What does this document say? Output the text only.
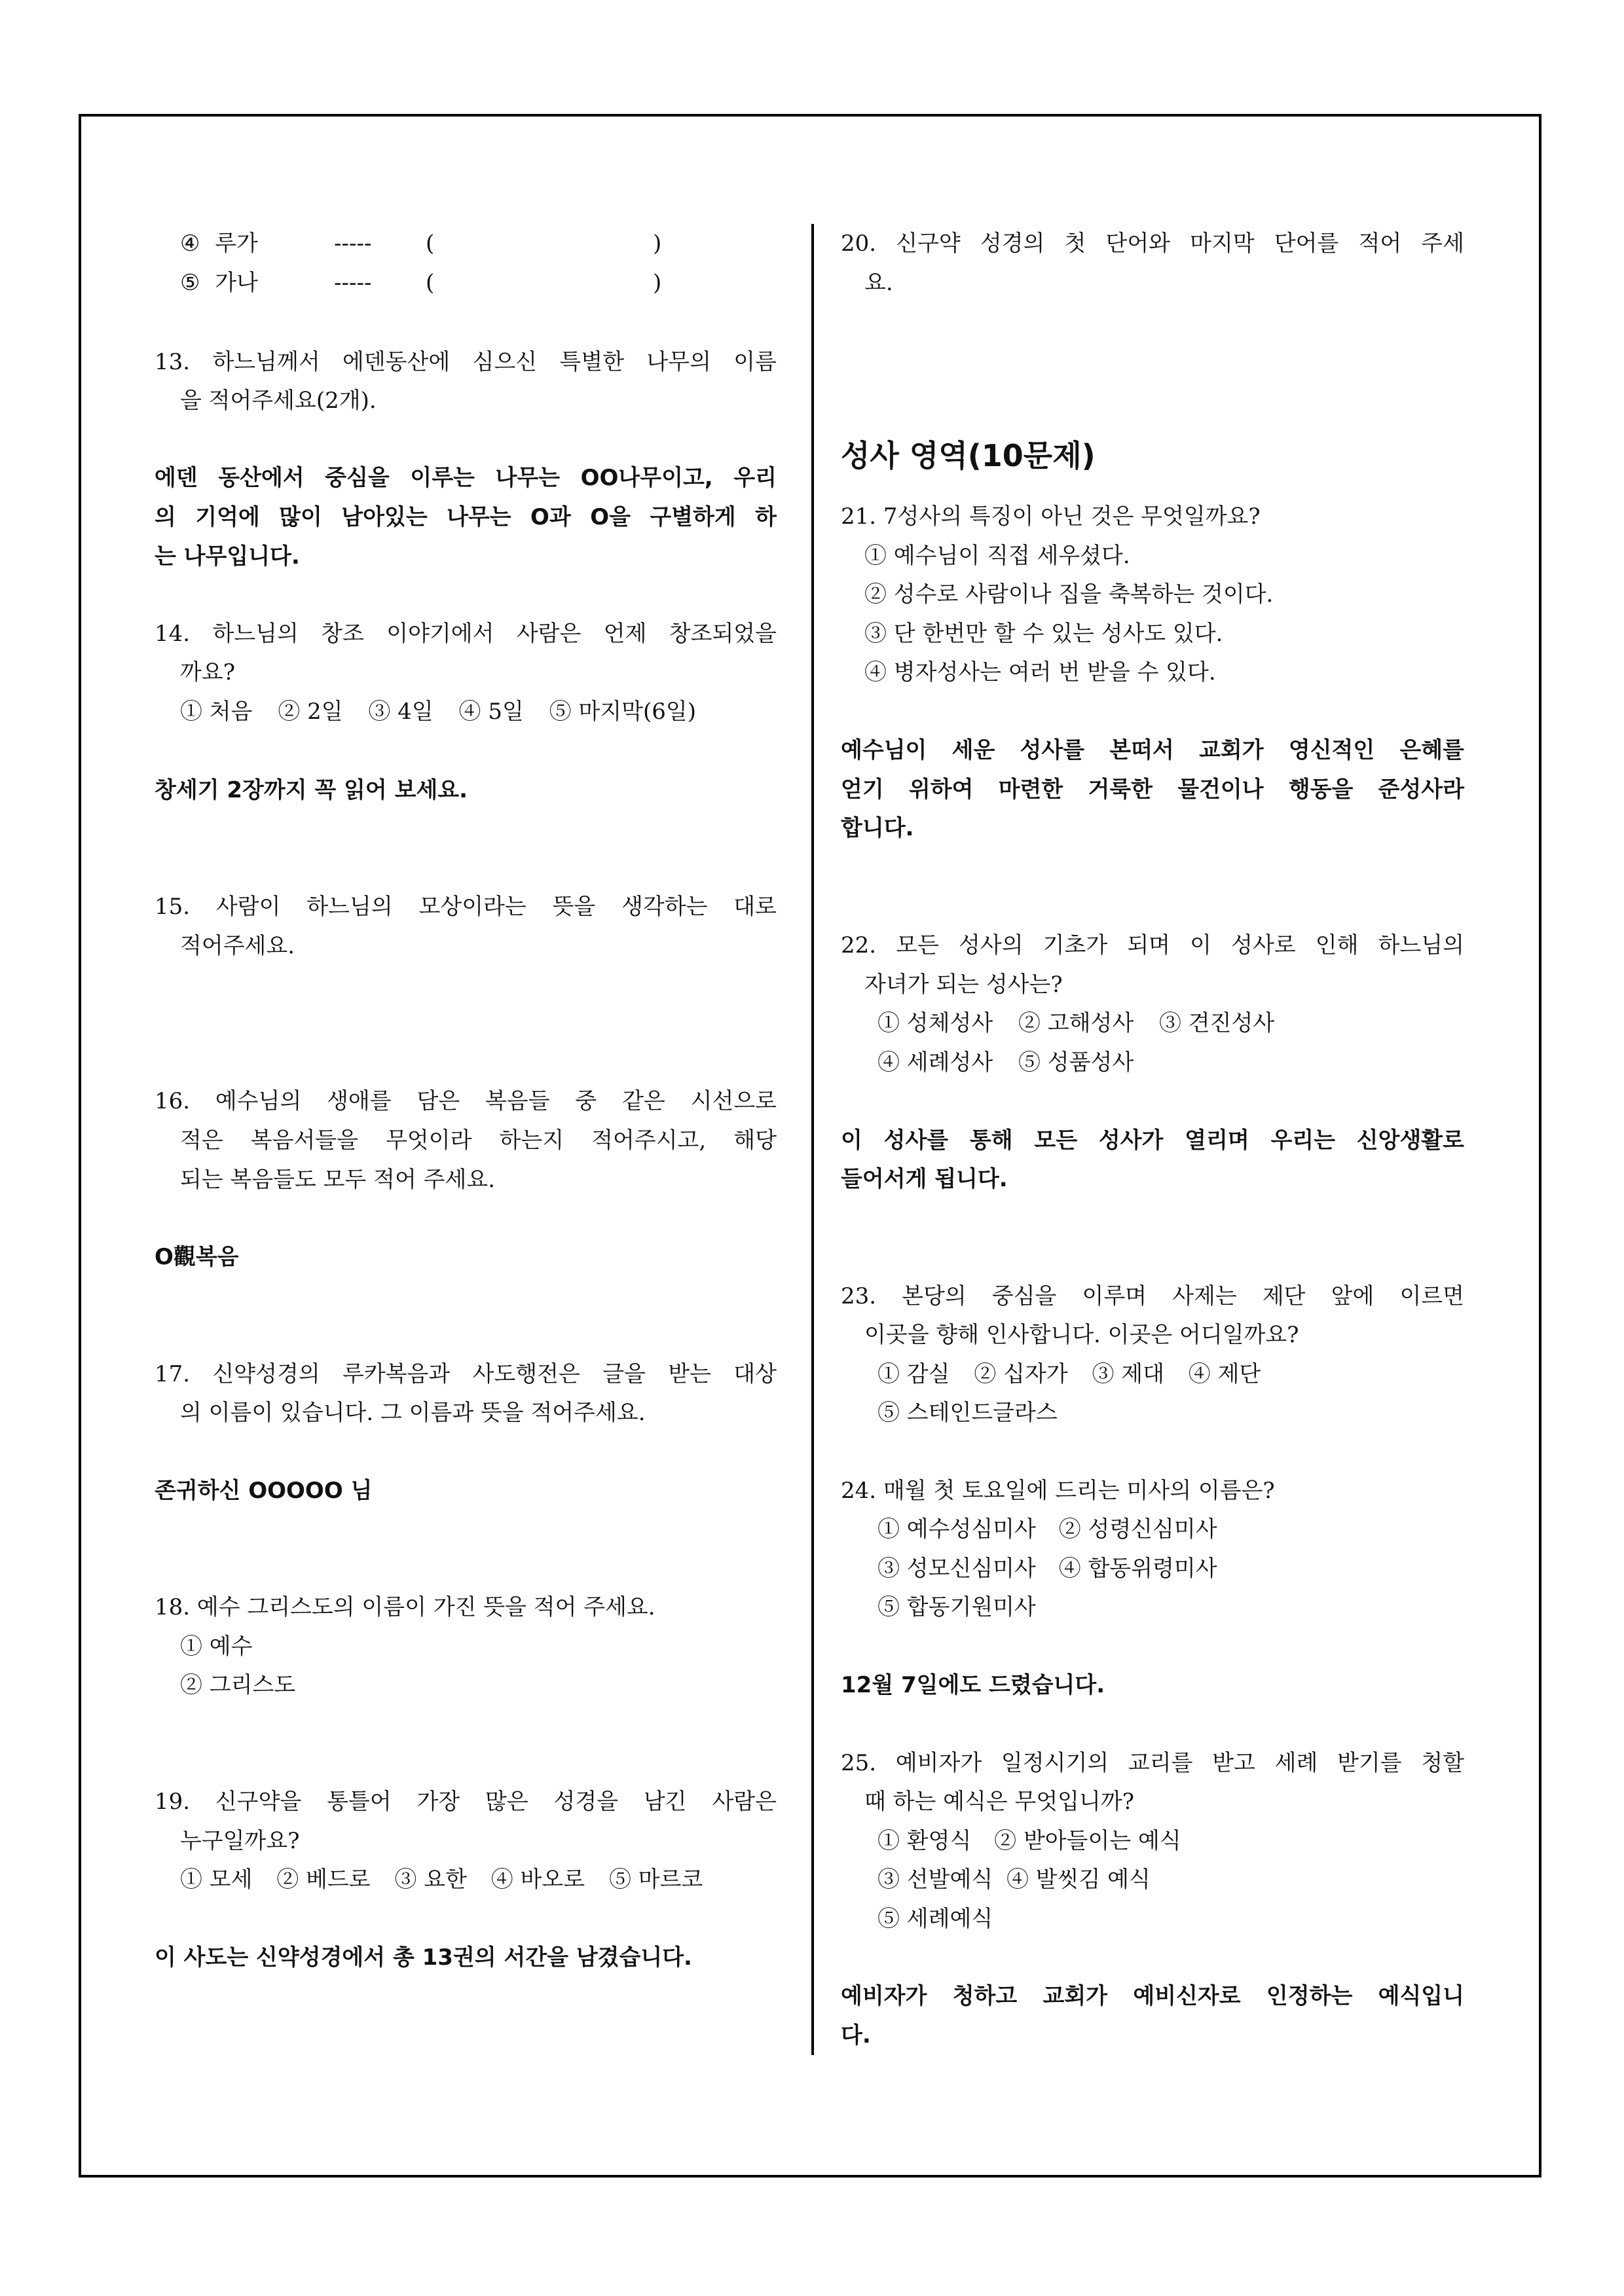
④ 루가	----- (	)
⑤ 가나	----- (	)
13. 하느님께서 에덴동산에 심으신 특별한 나무의 이름
을 적어주세요(2개).
에덴 동산에서 중심을 이루는 나무는 OO나무이고, 우리
의 기억에 많이 남아있는 나무는 O과 O을 구별하게 하
는 나무입니다.
14. 하느님의 창조 이야기에서 사람은 언제 창조되었을
까요?
① 처음 ② 2일 ③ 4일 ④ 5일 ⑤ 마지막(6일)
창세기 2장까지 꼭 읽어 보세요.
15. 사람이 하느님의 모상이라는 뜻을 생각하는 대로
적어주세요.
16. 예수님의 생애를 담은 복음들 중 같은 시선으로
적은 복음서들을 무엇이라 하는지 적어주시고, 해당
되는 복음들도 모두 적어 주세요.
O觀복음
17. 신약성경의 루카복음과 사도행전은 글을 받는 대상
의 이름이 있습니다. 그 이름과 뜻을 적어주세요.
존귀하신 OOOOO 님
18. 예수 그리스도의 이름이 가진 뜻을 적어 주세요.
① 예수
② 그리스도
19. 신구약을 통틀어 가장 많은 성경을 남긴 사람은
누구일까요?
① 모세 ② 베드로 ③ 요한 ④ 바오로 ⑤ 마르코
이 사도는 신약성경에서 총 13권의 서간을 남겼습니다.
20. 신구약 성경의 첫 단어와 마지막 단어를 적어 주세
요.
성사 영역(10문제)
21. 7성사의 특징이 아닌 것은 무엇일까요?
① 예수님이 직접 세우셨다.
② 성수로 사람이나 집을 축복하는 것이다.
③ 단 한번만 할 수 있는 성사도 있다.
④ 병자성사는 여러 번 받을 수 있다.
예수님이 세운 성사를 본떠서 교회가 영신적인 은혜를
얻기 위하여 마련한 거룩한 물건이나 행동을 준성사라
합니다.
22. 모든 성사의 기초가 되며 이 성사로 인해 하느님의
자녀가 되는 성사는?
① 성체성사 ② 고해성사 ③ 견진성사
④ 세례성사 ⑤ 성품성사
이 성사를 통해 모든 성사가 열리며 우리는 신앙생활로
들어서게 됩니다.
23. 본당의 중심을 이루며 사제는 제단 앞에 이르면
이곳을 향해 인사합니다. 이곳은 어디일까요?
① 감실 ② 십자가 ③ 제대 ④ 제단
⑤ 스테인드글라스
24. 매월 첫 토요일에 드리는 미사의 이름은?
① 예수성심미사 ② 성령신심미사
③ 성모신심미사 ④ 합동위령미사
⑤ 합동기원미사
12월 7일에도 드렸습니다.
25. 예비자가 일정시기의 교리를 받고 세례 받기를 청할
때 하는 예식은 무엇입니까?
① 환영식 ② 받아들이는 예식
③ 선발예식 ④ 발씻김 예식
⑤ 세례예식
예비자가 청하고 교회가 예비신자로 인정하는 예식입니
다.
